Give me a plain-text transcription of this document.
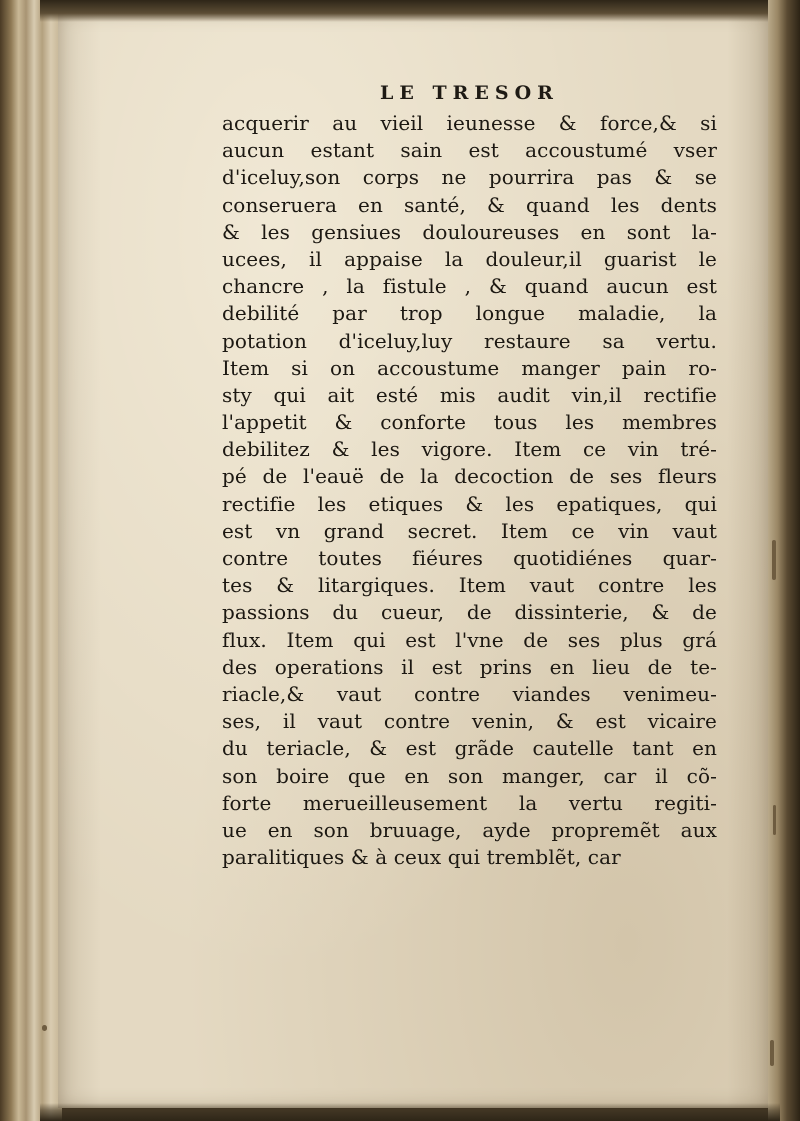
LE TRESOR
acquerir au vieil ieunesse & force,& si
aucun estant sain est accoustumé vser
d'iceluy,son corps ne pourrira pas & se
conseruera en santé, & quand les dents
& les gensiues douloureuses en sont la-
ucees, il appaise la douleur,il guarist le
chancre , la fistule , & quand aucun est
debilité par trop longue maladie, la
potation d'iceluy,luy restaure sa vertu.
Item si on accoustume manger pain ro-
sty qui ait esté mis audit vin,il rectifie
l'appetit & conforte tous les membres
debilitez & les vigore. Item ce vin tré-
pé de l'eauë de la decoction de ses fleurs
rectifie les etiques & les epatiques, qui
est vn grand secret. Item ce vin vaut
contre toutes fiéures quotidiénes quar-
tes & litargiques. Item vaut contre les
passions du cueur, de dissinterie, & de
flux. Item qui est l'vne de ses plus grá
des operations il est prins en lieu de te-
riacle,& vaut contre viandes venimeu-
ses, il vaut contre venin, & est vicaire
du teriacle, & est grãde cautelle tant en
son boire que en son manger, car il cõ-
forte merueilleusement la vertu regiti-
ue en son bruuage, ayde propremẽt aux
paralitiques & à ceux qui tremblẽt, car
